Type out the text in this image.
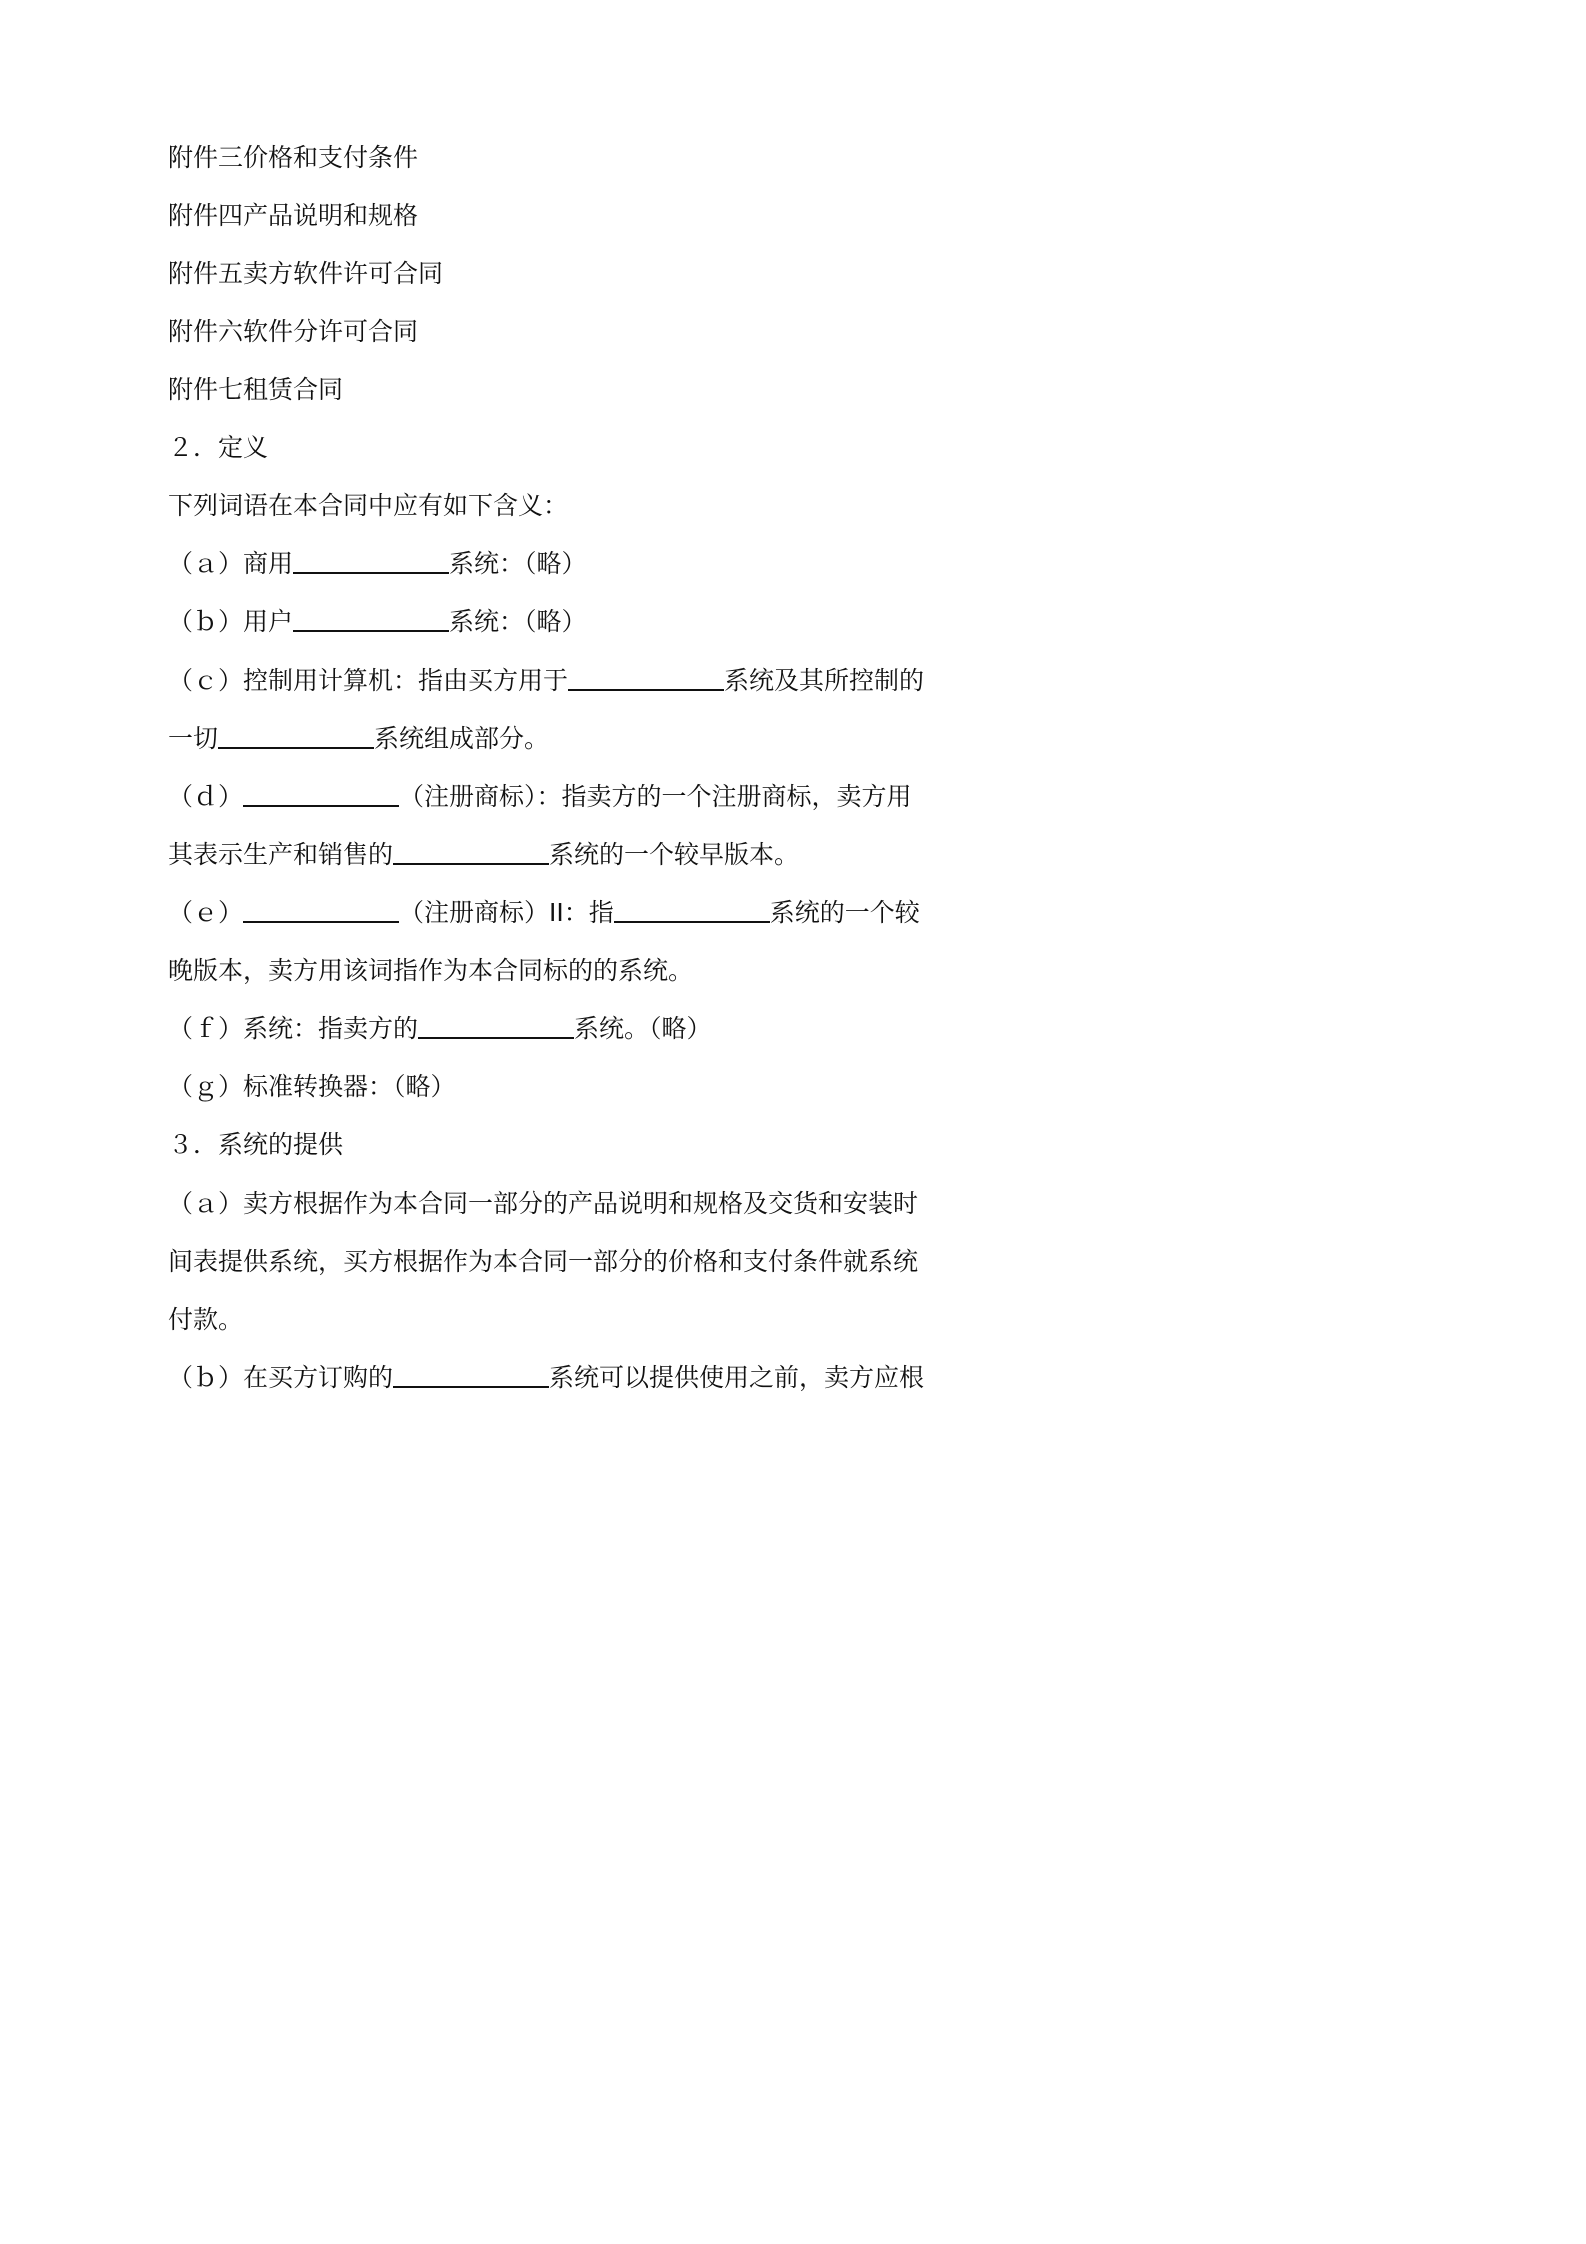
附件三价格和支付条件
附件四产品说明和规格
附件五卖方软件许可合同
附件六软件分许可合同
附件七租赁合同
２．定义
下列词语在本合同中应有如下含义：
（ａ）商用	系统：（略）
（ｂ）用户	系统：（略）
（ｃ）控制用计算机：指由买方用于	系统及其所控制的
一切	系统组成部分。
（ｄ）	（注册商标）：指卖方的一个注册商标，卖方用
其表示生产和销售的	系统的一个较早版本。
（ｅ）	（注册商标）II：指	系统的一个较
晚版本，卖方用该词指作为本合同标的的系统。
（ｆ）系统：指卖方的	系统。（略）
（ｇ）标准转换器：（略）
３．系统的提供
（ａ）卖方根据作为本合同一部分的产品说明和规格及交货和安装时
间表提供系统，买方根据作为本合同一部分的价格和支付条件就系统
付款。
（ｂ）在买方订购的	系统可以提供使用之前，卖方应根
